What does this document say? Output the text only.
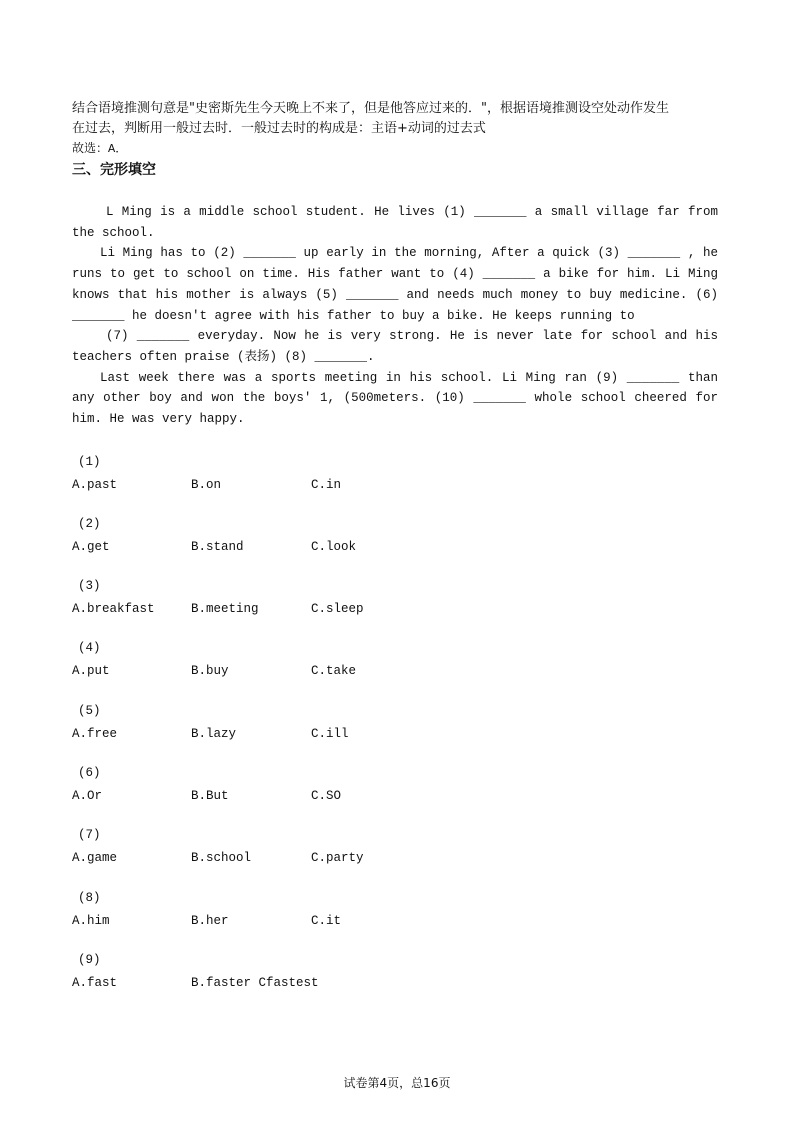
结合语境推测句意是"史密斯先生今天晚上不来了，但是他答应过来的．"，根据语境推测设空处动作发生
在过去，判断用一般过去时．一般过去时的构成是：主语+动词的过去式
故选：A．
三、完形填空

L Ming is a middle school student. He lives (1) _______ a small village far from the school.

Li Ming has to (2) _______ up early in the morning, After a quick (3) _______ , he runs to get to school on time. His father want to (4) _______ a bike for him. Li Ming knows that his mother is always (5) _______ and needs much money to buy medicine. (6) _______ he doesn't agree with his father to buy a bike. He keeps running to

(7) _______ everyday. Now he is very strong. He is never late for school and his teachers often praise (表扬) (8) _______.

Last week there was a sports meeting in his school. Li Ming ran (9) _______ than any other boy and won the boys' 1, (500meters. (10) _______ whole school cheered for him. He was very happy.

(1)
A.past	B.on	C.in
(2)
A.get	B.stand	C.look
(3)
A.breakfast	B.meeting	C.sleep
(4)
A.put	B.buy	C.take
(5)
A.free	B.lazy	C.ill
(6)
A.Or	B.But	C.SO
(7)
A.game	B.school	C.party
(8)
A.him	B.her	C.it
(9)
A.fast	B.faster Cfastest
试卷第4页，总16页
